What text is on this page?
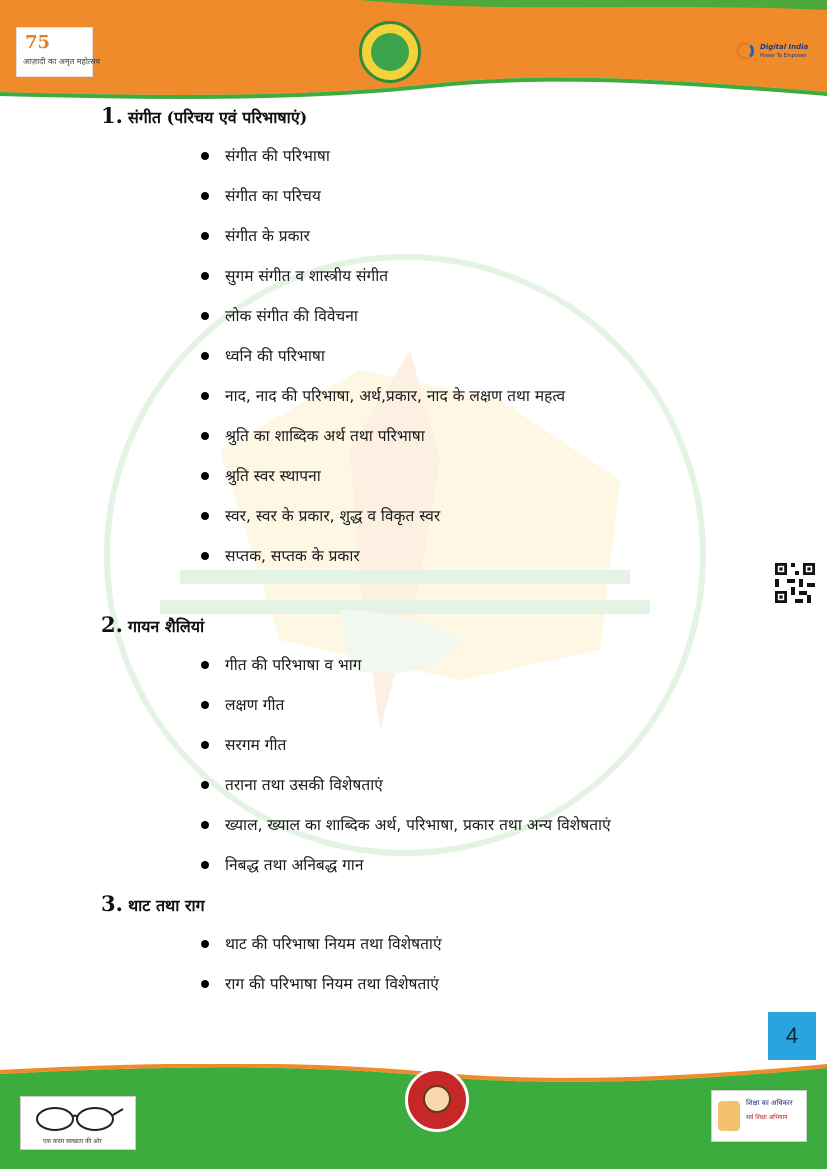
75
आज़ादी का अमृत महोत्सव
Digital India
Power To Empower
1. संगीत (परिचय एवं परिभाषाएं)
संगीत की परिभाषा
संगीत का परिचय
संगीत के प्रकार
सुगम संगीत व शास्त्रीय संगीत
लोक संगीत की विवेचना
ध्वनि की परिभाषा
नाद, नाद की परिभाषा, अर्थ,प्रकार, नाद के लक्षण तथा महत्व
श्रुति का शाब्दिक अर्थ तथा परिभाषा
श्रुति स्वर स्थापना
स्वर, स्वर के प्रकार, शुद्ध व विकृत स्वर
सप्तक, सप्तक के प्रकार
2. गायन शैलियां
गीत की परिभाषा व भाग
लक्षण गीत
सरगम गीत
तराना तथा उसकी विशेषताएं
ख्याल, ख्याल का शाब्दिक अर्थ, परिभाषा, प्रकार तथा अन्य विशेषताएं
निबद्ध तथा अनिबद्ध गान
3. थाट तथा राग
थाट की परिभाषा नियम तथा विशेषताएं
राग की परिभाषा नियम तथा विशेषताएं
4
एक कदम स्वच्छता की ओर
शिक्षा का अधिकार
सर्व शिक्षा अभियान
